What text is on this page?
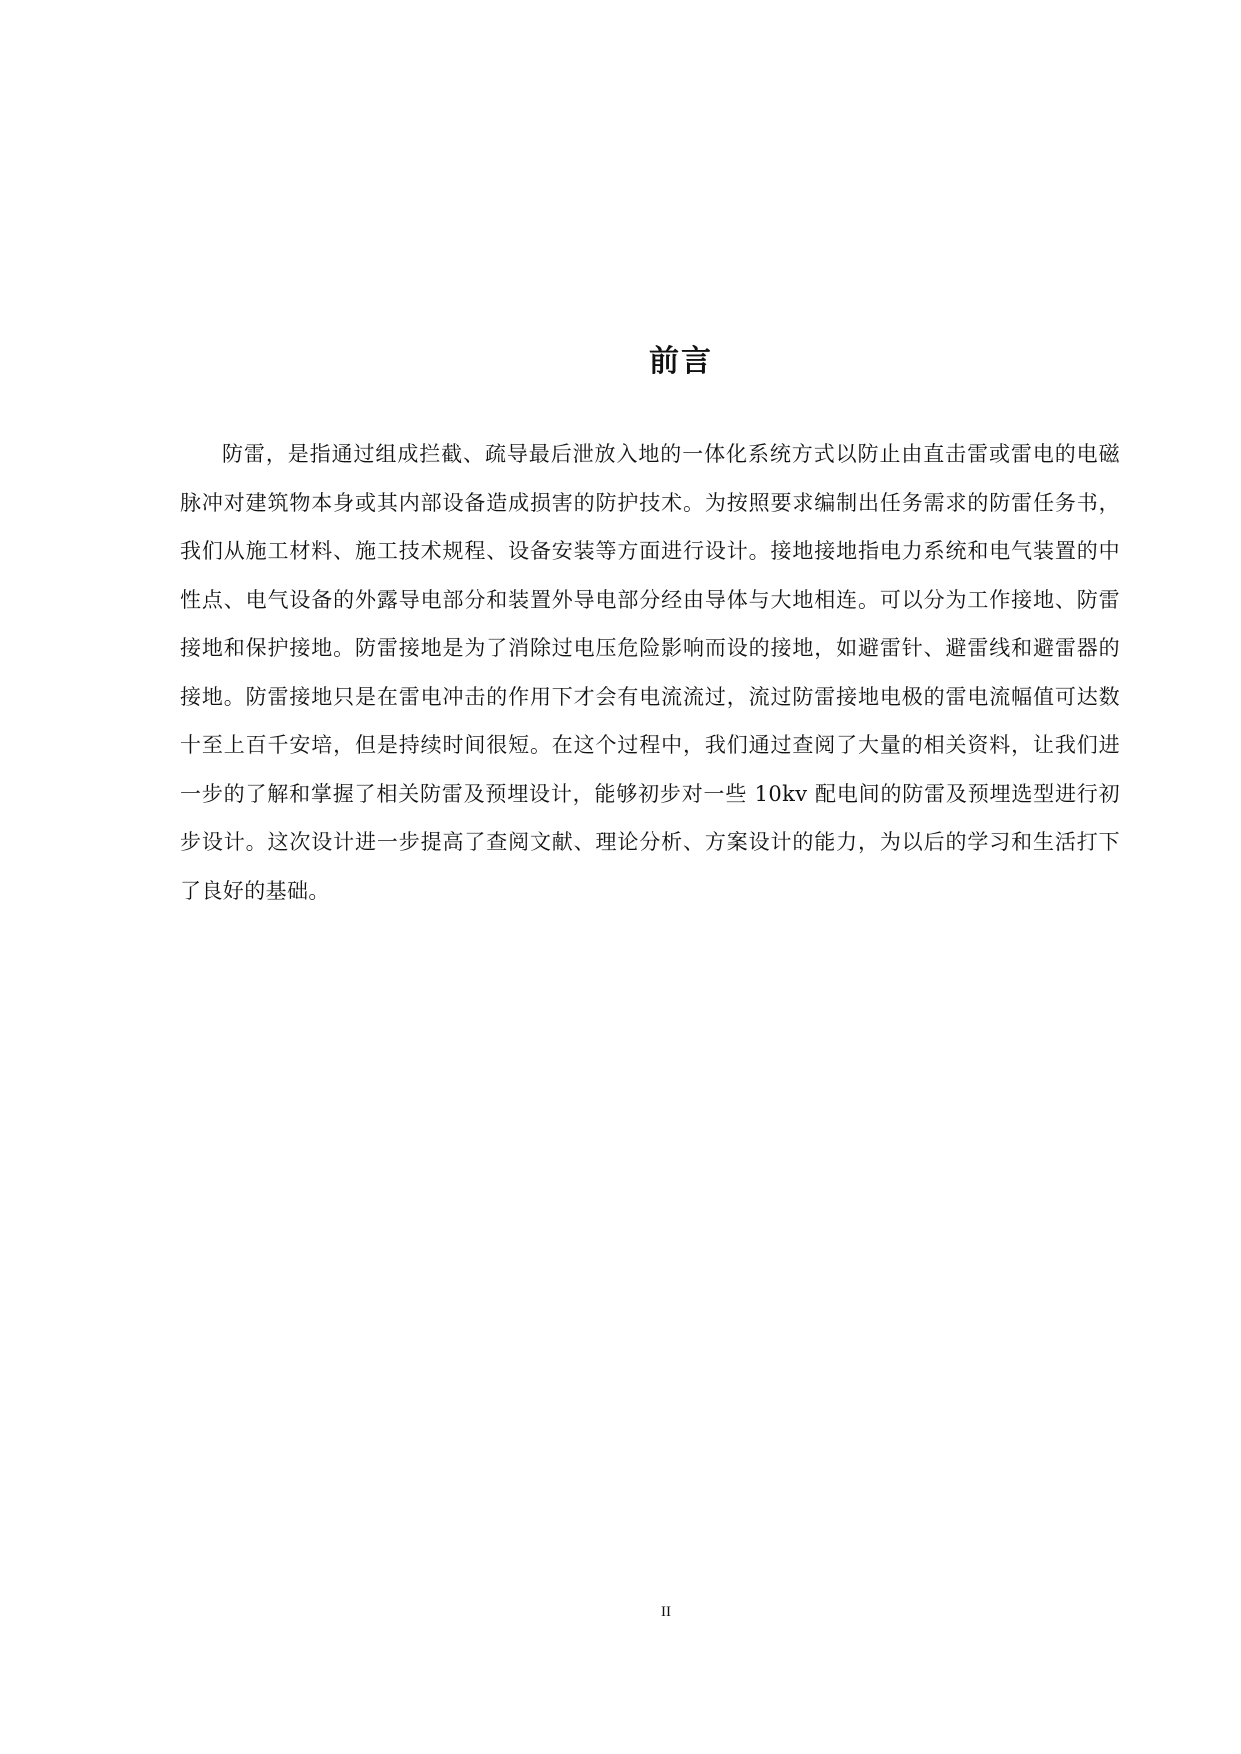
前言

防雷，是指通过组成拦截、疏导最后泄放入地的一体化系统方式以防止由直击雷或雷电的电磁脉冲对建筑物本身或其内部设备造成损害的防护技术。为按照要求编制出任务需求的防雷任务书，我们从施工材料、施工技术规程、设备安装等方面进行设计。接地接地指电力系统和电气装置的中性点、电气设备的外露导电部分和装置外导电部分经由导体与大地相连。可以分为工作接地、防雷接地和保护接地。防雷接地是为了消除过电压危险影响而设的接地，如避雷针、避雷线和避雷器的接地。防雷接地只是在雷电冲击的作用下才会有电流流过，流过防雷接地电极的雷电流幅值可达数十至上百千安培，但是持续时间很短。在这个过程中，我们通过查阅了大量的相关资料，让我们进一步的了解和掌握了相关防雷及预埋设计，能够初步对一些 10kv 配电间的防雷及预埋选型进行初步设计。这次设计进一步提高了查阅文献、理论分析、方案设计的能力，为以后的学习和生活打下了良好的基础。

II
